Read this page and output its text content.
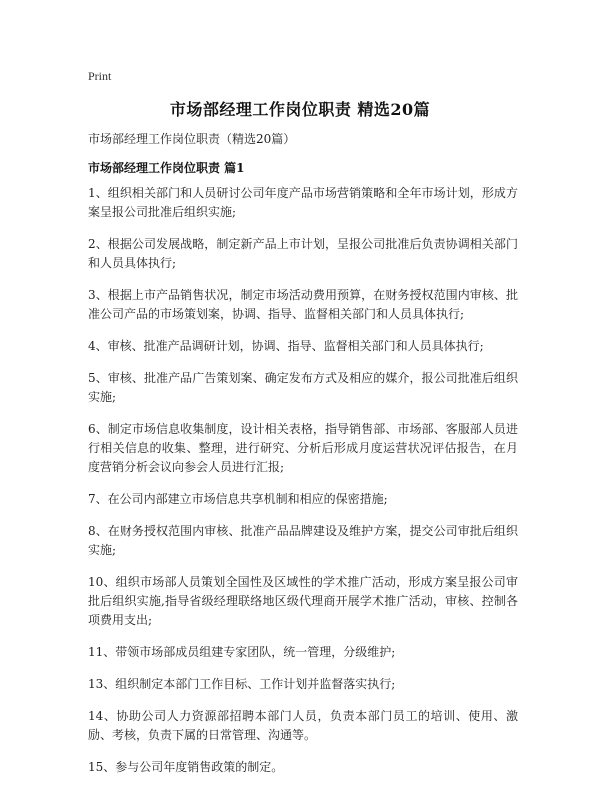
Print
市场部经理工作岗位职责 精选20篇
市场部经理工作岗位职责（精选20篇）
市场部经理工作岗位职责 篇1
1、组织相关部门和人员研讨公司年度产品市场营销策略和全年市场计划，形成方案呈报公司批准后组织实施;
2、根据公司发展战略，制定新产品上市计划，呈报公司批准后负责协调相关部门和人员具体执行;
3、根据上市产品销售状况，制定市场活动费用预算，在财务授权范围内审核、批准公司产品的市场策划案，协调、指导、监督相关部门和人员具体执行;
4、审核、批准产品调研计划，协调、指导、监督相关部门和人员具体执行;
5、审核、批准产品广告策划案、确定发布方式及相应的媒介，报公司批准后组织实施;
6、制定市场信息收集制度，设计相关表格，指导销售部、市场部、客服部人员进行相关信息的收集、整理，进行研究、分析后形成月度运营状况评估报告，在月度营销分析会议向参会人员进行汇报;
7、在公司内部建立市场信息共享机制和相应的保密措施;
8、在财务授权范围内审核、批准产品品牌建设及维护方案，提交公司审批后组织实施;
10、组织市场部人员策划全国性及区域性的学术推广活动，形成方案呈报公司审批后组织实施,指导省级经理联络地区级代理商开展学术推广活动，审核、控制各项费用支出;
11、带领市场部成员组建专家团队，统一管理，分级维护;
13、组织制定本部门工作目标、工作计划并监督落实执行;
14、协助公司人力资源部招聘本部门人员，负责本部门员工的培训、使用、激励、考核，负责下属的日常管理、沟通等。
15、参与公司年度销售政策的制定。
